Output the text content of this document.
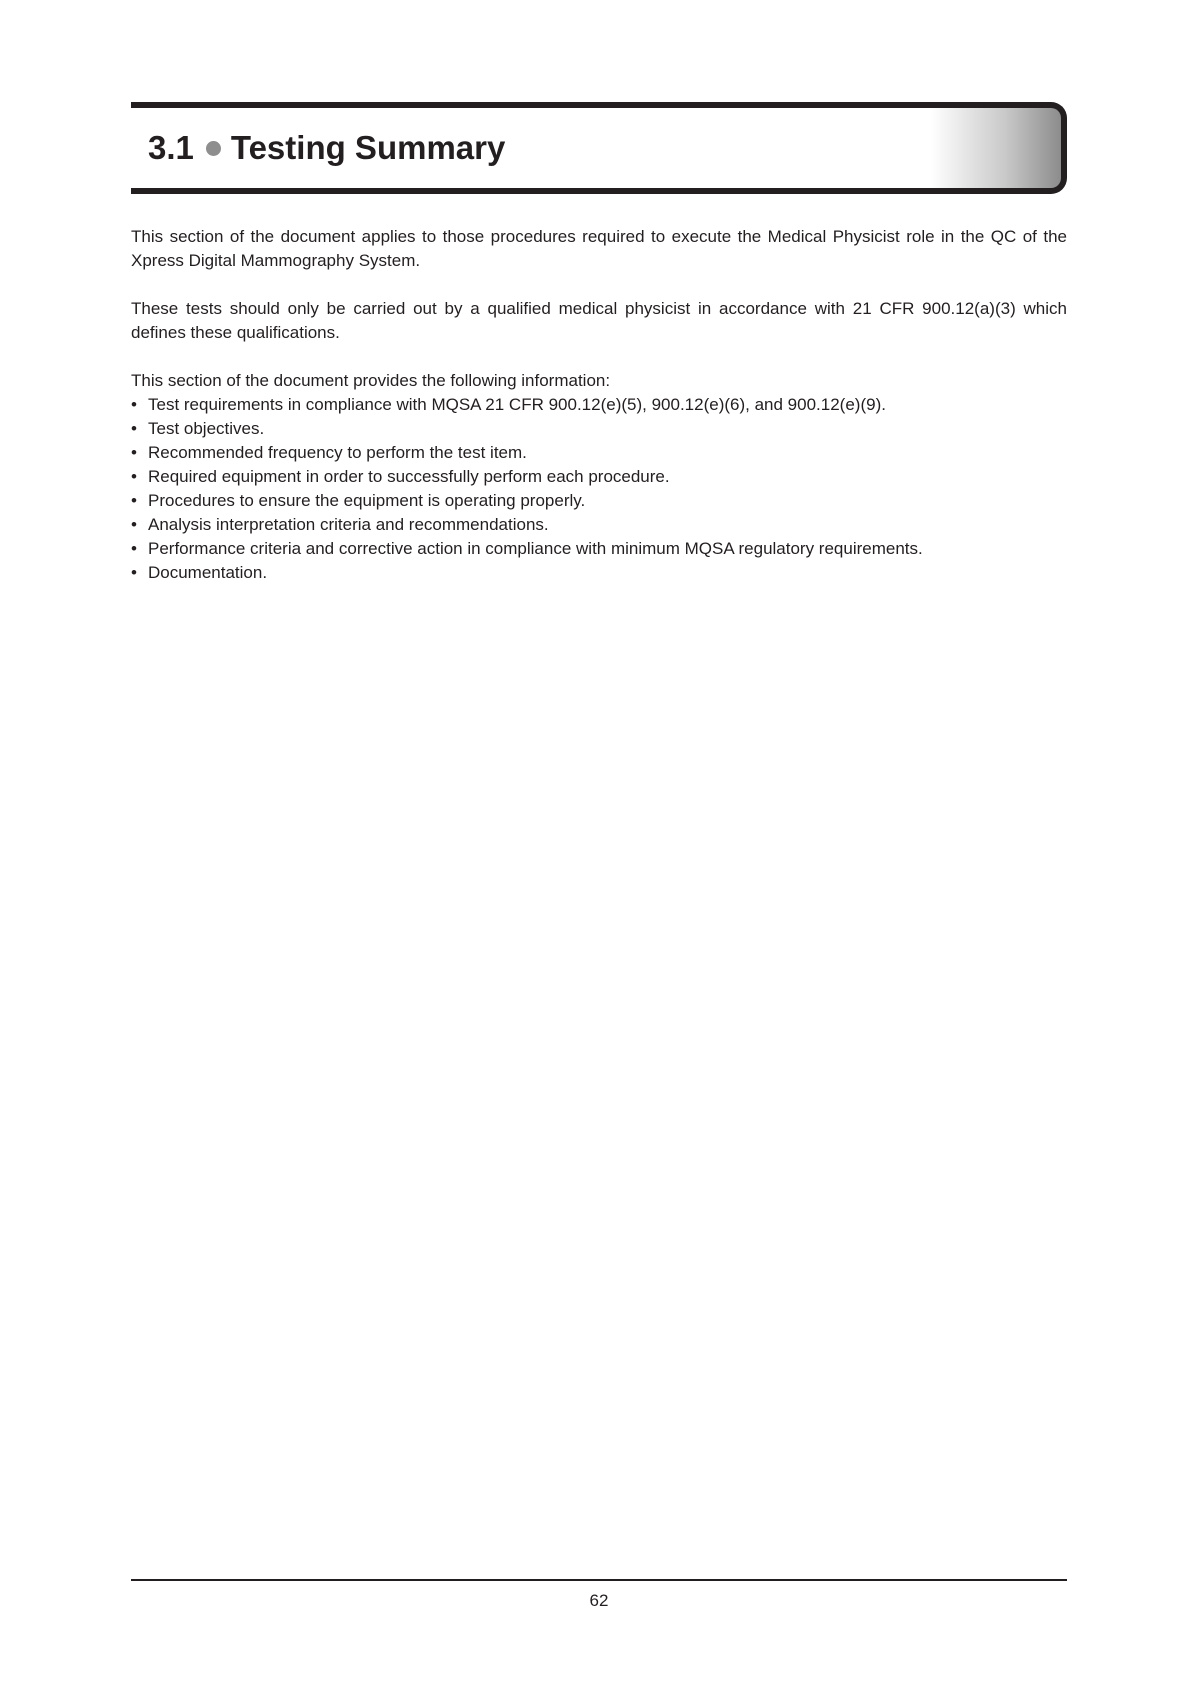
3.1 Testing Summary

This section of the document applies to those procedures required to execute the Medical Physicist role in the QC of the Xpress Digital Mammography System.

These tests should only be carried out by a qualified medical physicist in accordance with 21 CFR 900.12(a)(3) which defines these qualifications.

This section of the document provides the following information:

• Test requirements in compliance with MQSA 21 CFR 900.12(e)(5), 900.12(e)(6), and 900.12(e)(9).
• Test objectives.
• Recommended frequency to perform the test item.
• Required equipment in order to successfully perform each procedure.
• Procedures to ensure the equipment is operating properly.
• Analysis interpretation criteria and recommendations.
• Performance criteria and corrective action in compliance with minimum MQSA regulatory requirements.
• Documentation.
62
